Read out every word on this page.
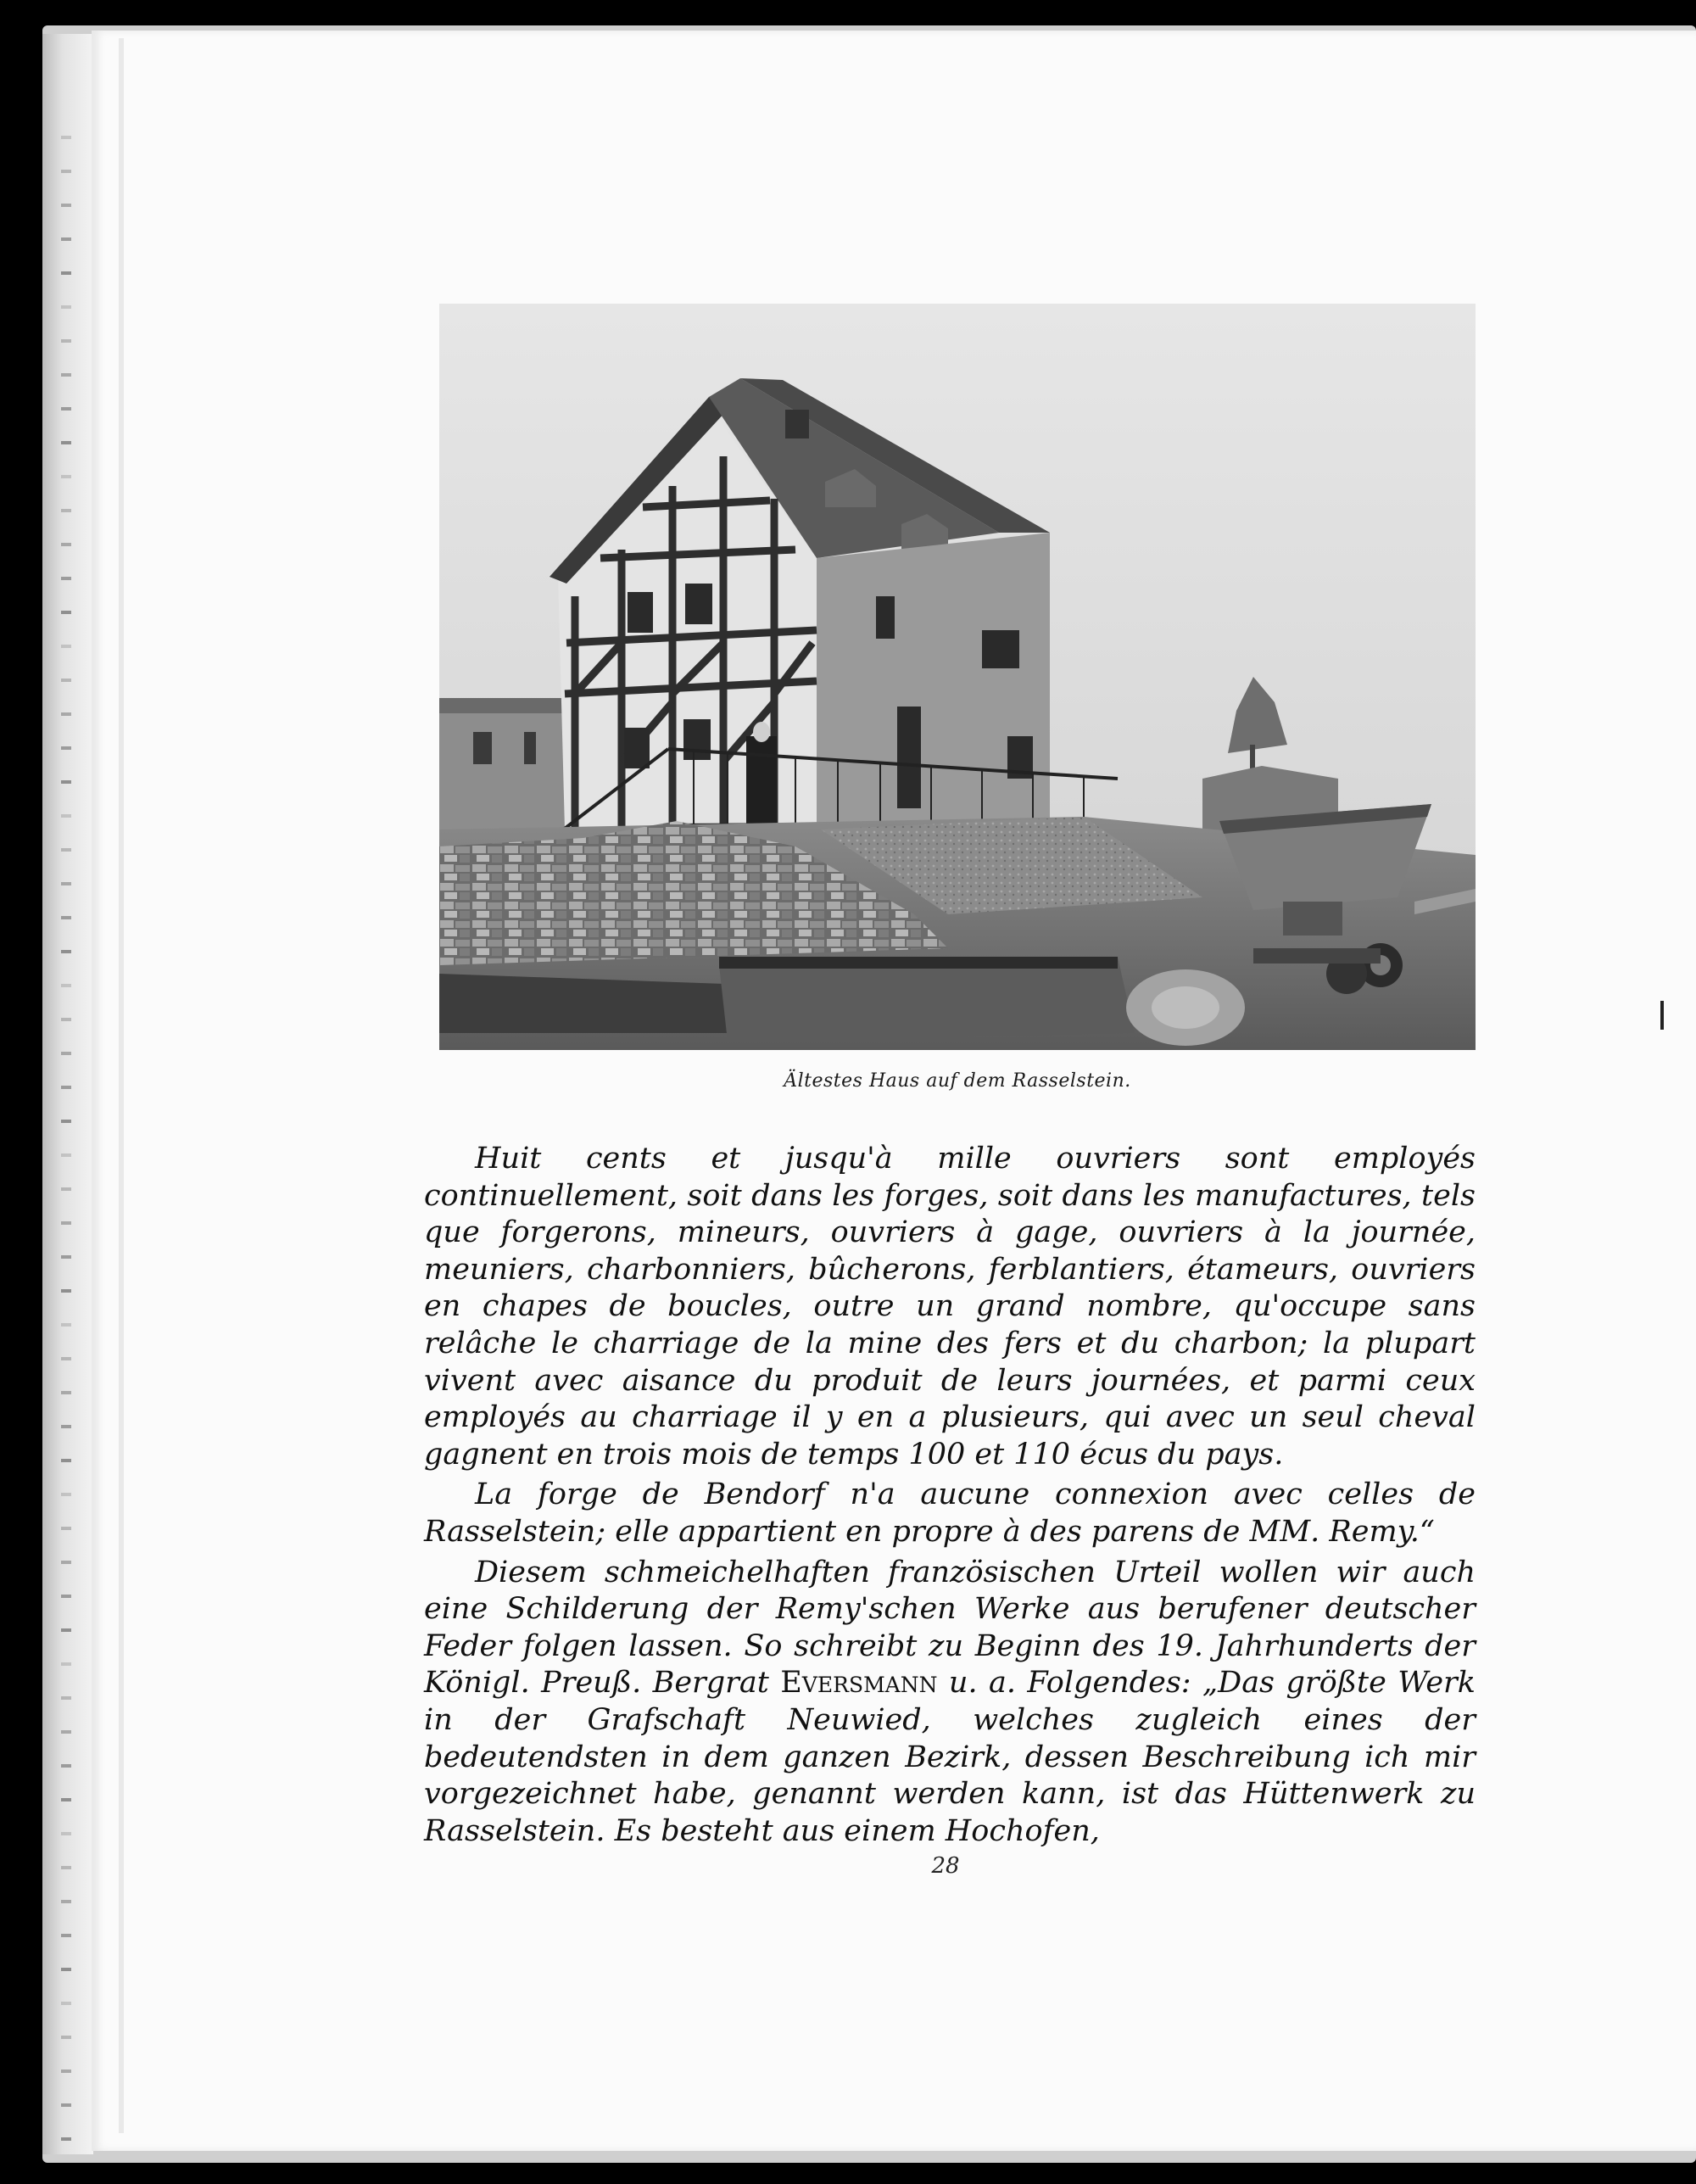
Ältestes Haus auf dem Rasselstein.

Huit cents et jusqu'à mille ouvriers sont employés continuellement, soit dans les forges, soit dans les manufactures, tels que forgerons, mineurs, ouvriers à gage, ouvriers à la journée, meuniers, charbonniers, bûcherons, ferblantiers, étameurs, ouvriers en chapes de boucles, outre un grand nombre, qu'occupe sans relâche le charriage de la mine des fers et du charbon; la plupart vivent avec aisance du produit de leurs journées, et parmi ceux employés au charriage il y en a plusieurs, qui avec un seul cheval gagnent en trois mois de temps 100 et 110 écus du pays.

La forge de Bendorf n'a aucune connexion avec celles de Rasselstein; elle appartient en propre à des parens de MM. Remy.“

Diesem schmeichelhaften französischen Urteil wollen wir auch eine Schilderung der Remy'schen Werke aus berufener deutscher Feder folgen lassen. So schreibt zu Beginn des 19. Jahrhunderts der Königl. Preuß. Bergrat Eversmann u. a. Folgendes: „Das größte Werk in der Grafschaft Neuwied, welches zugleich eines der bedeutendsten in dem ganzen Bezirk, dessen Beschreibung ich mir vorgezeichnet habe, genannt werden kann, ist das Hüttenwerk zu Rasselstein. Es besteht aus einem Hochofen,

28
